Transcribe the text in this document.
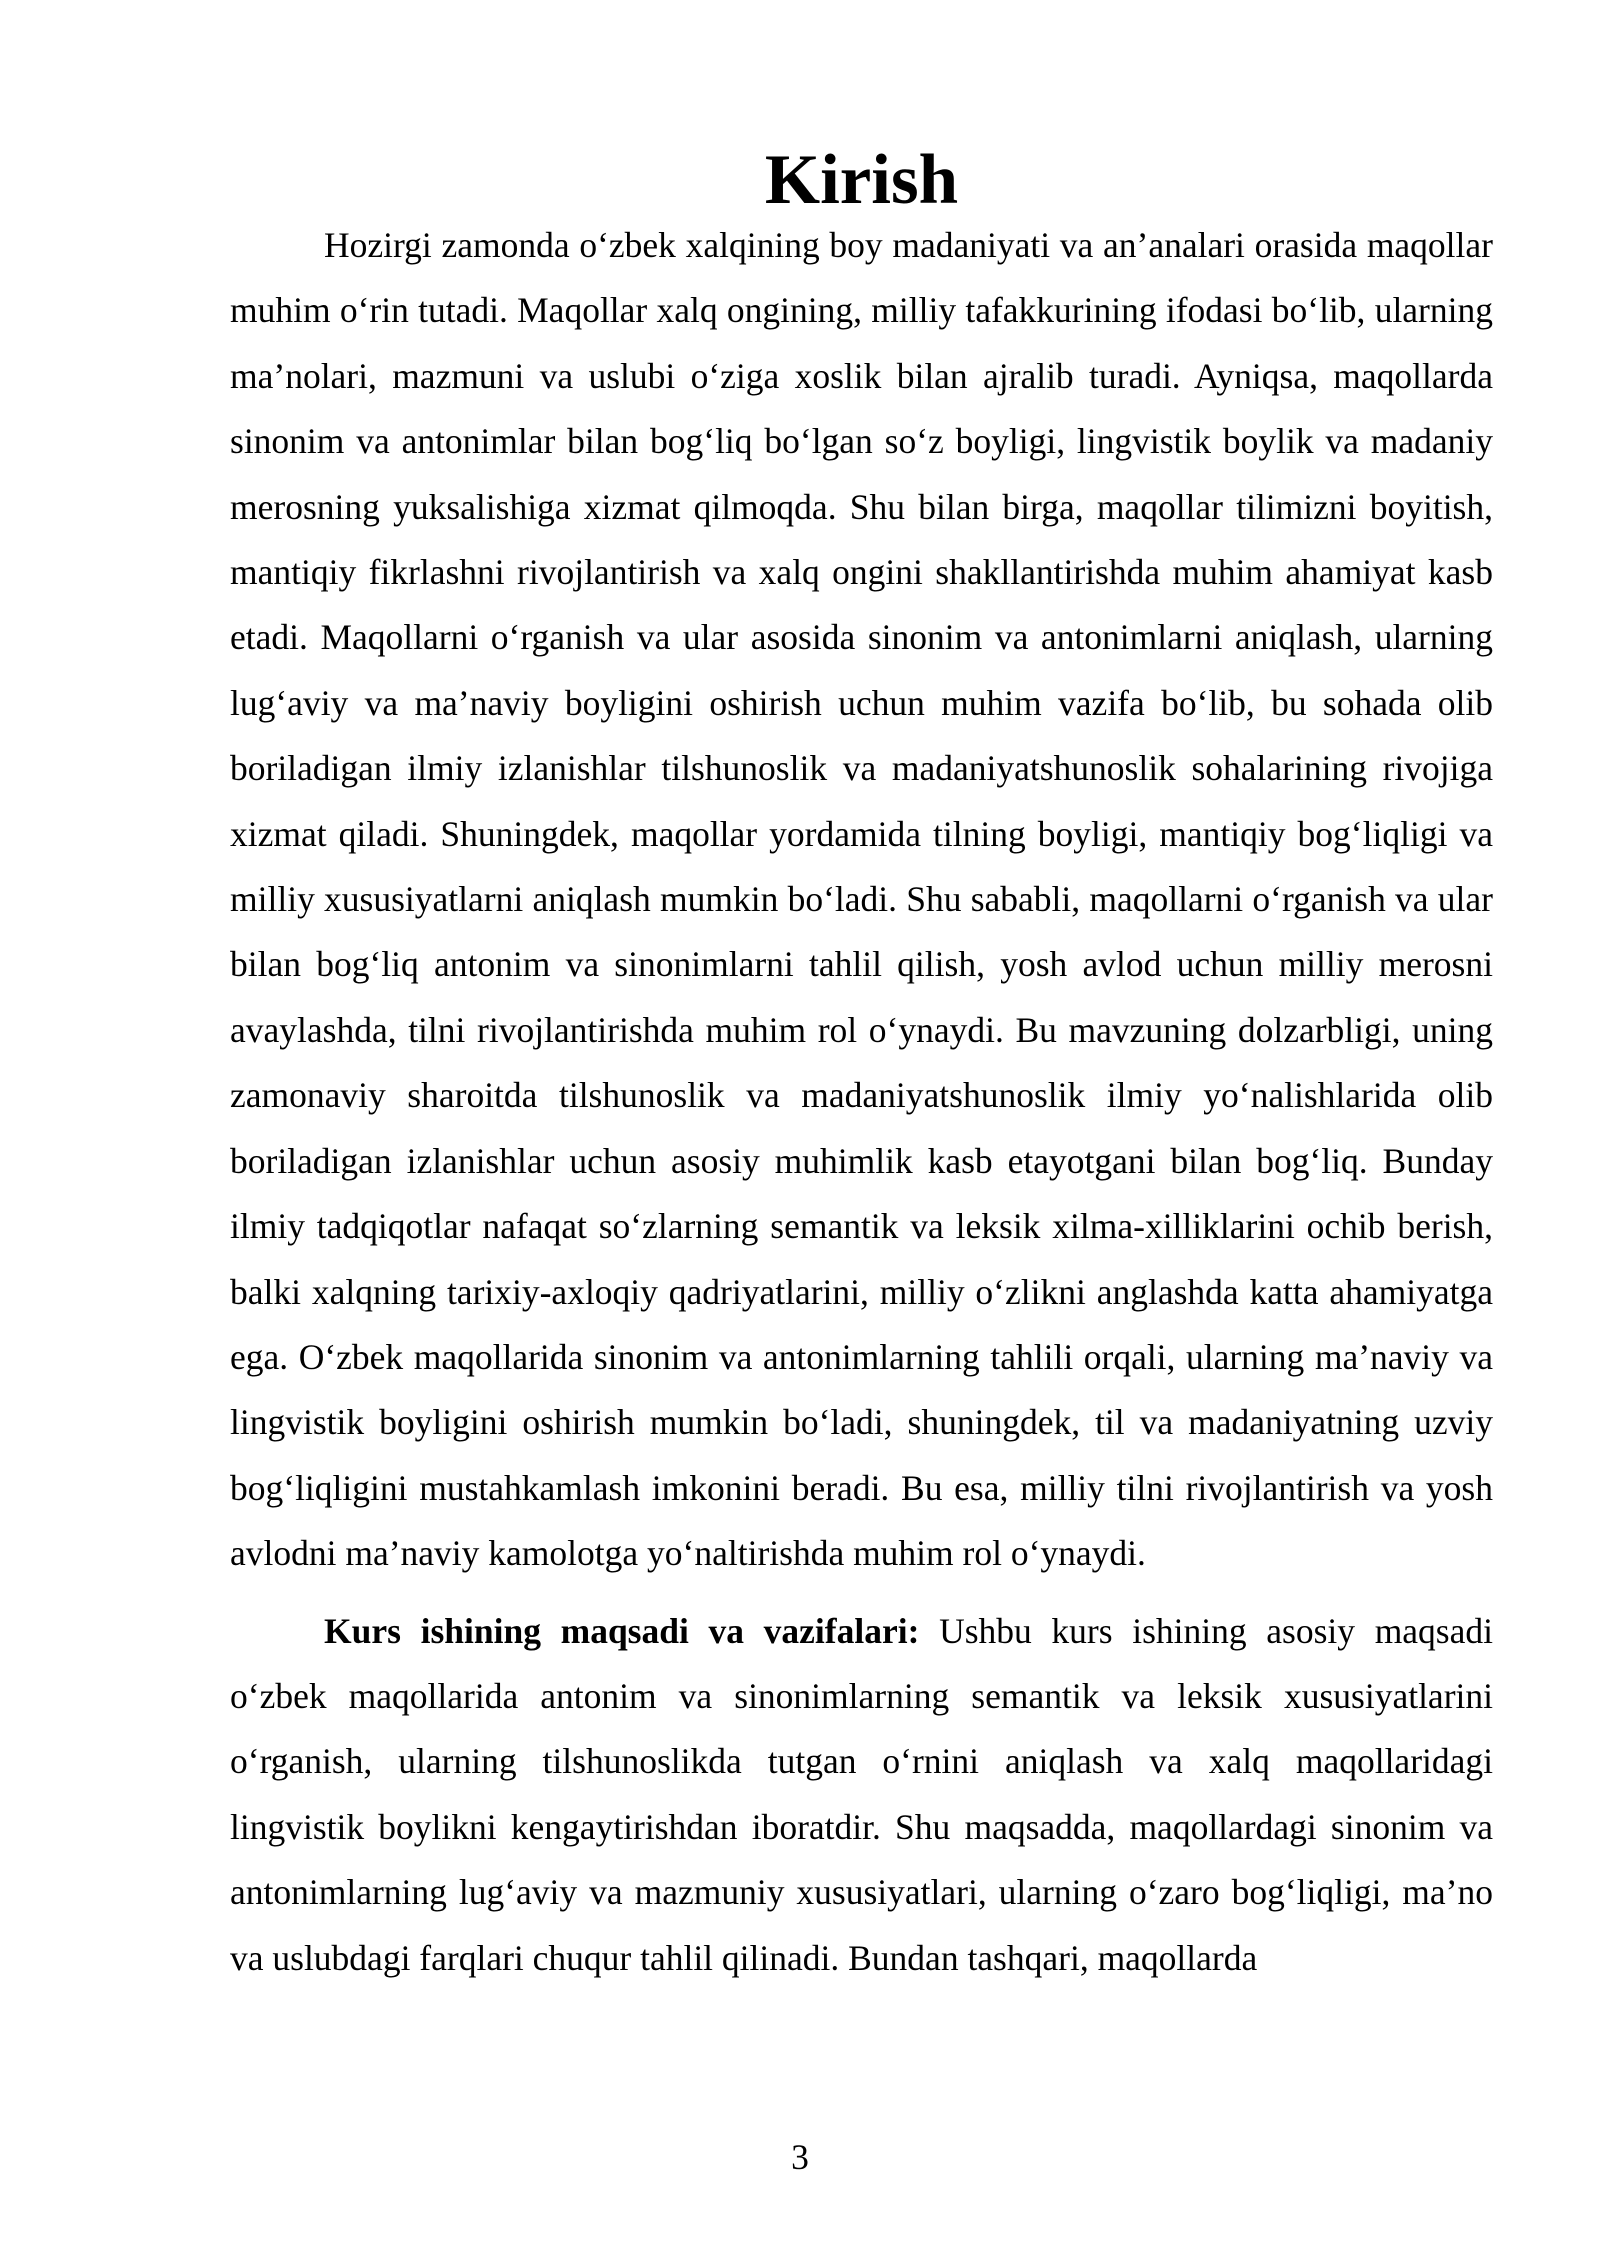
Kirish

Hozirgi zamonda o‘zbek xalqining boy madaniyati va an’analari orasida maqollar muhim o‘rin tutadi. Maqollar xalq ongining, milliy tafakkurining ifodasi bo‘lib, ularning ma’nolari, mazmuni va uslubi o‘ziga xoslik bilan ajralib turadi. Ayniqsa, maqollarda sinonim va antonimlar bilan bog‘liq bo‘lgan so‘z boyligi, lingvistik boylik va madaniy merosning yuksalishiga xizmat qilmoqda. Shu bilan birga, maqollar tilimizni boyitish, mantiqiy fikrlashni rivojlantirish va xalq ongini shakllantirishda muhim ahamiyat kasb etadi. Maqollarni o‘rganish va ular asosida sinonim va antonimlarni aniqlash, ularning lug‘aviy va ma’naviy boyligini oshirish uchun muhim vazifa bo‘lib, bu sohada olib boriladigan ilmiy izlanishlar tilshunoslik va madaniyatshunoslik sohalarining rivojiga xizmat qiladi. Shuningdek, maqollar yordamida tilning boyligi, mantiqiy bog‘liqligi va milliy xususiyatlarni aniqlash mumkin bo‘ladi. Shu sababli, maqollarni o‘rganish va ular bilan bog‘liq antonim va sinonimlarni tahlil qilish, yosh avlod uchun milliy merosni avaylashda, tilni rivojlantirishda muhim rol o‘ynaydi. Bu mavzuning dolzarbligi, uning zamonaviy sharoitda tilshunoslik va madaniyatshunoslik ilmiy yo‘nalishlarida olib boriladigan izlanishlar uchun asosiy muhimlik kasb etayotgani bilan bog‘liq. Bunday ilmiy tadqiqotlar nafaqat so‘zlarning semantik va leksik xilma-xilliklarini ochib berish, balki xalqning tarixiy-axloqiy qadriyatlarini, milliy o‘zlikni anglashda katta ahamiyatga ega. O‘zbek maqollarida sinonim va antonimlarning tahlili orqali, ularning ma’naviy va lingvistik boyligini oshirish mumkin bo‘ladi, shuningdek, til va madaniyatning uzviy bog‘liqligini mustahkamlash imkonini beradi. Bu esa, milliy tilni rivojlantirish va yosh avlodni ma’naviy kamolotga yo‘naltirishda muhim rol o‘ynaydi.

Kurs ishining maqsadi va vazifalari: Ushbu kurs ishining asosiy maqsadi o‘zbek maqollarida antonim va sinonimlarning semantik va leksik xususiyatlarini o‘rganish, ularning tilshunoslikda tutgan o‘rnini aniqlash va xalq maqollaridagi lingvistik boylikni kengaytirishdan iboratdir. Shu maqsadda, maqollardagi sinonim va antonimlarning lug‘aviy va mazmuniy xususiyatlari, ularning o‘zaro bog‘liqligi, ma’no va uslubdagi farqlari chuqur tahlil qilinadi. Bundan tashqari, maqollarda

3
